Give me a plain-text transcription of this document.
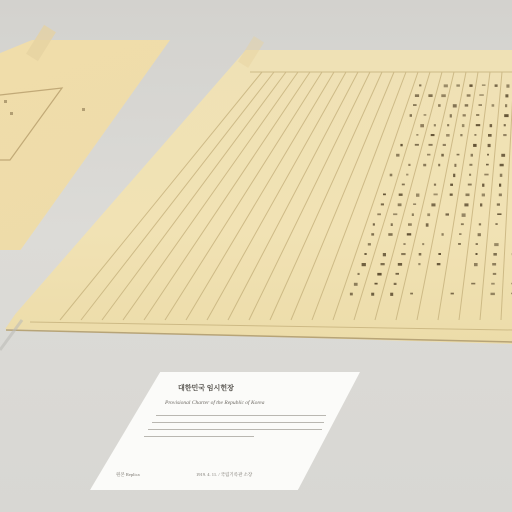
대한민국 임시헌장
Provisional Charter of the Republic of Korea
원본 Replica	1919. 4. 11. / 국립기록관 소장
